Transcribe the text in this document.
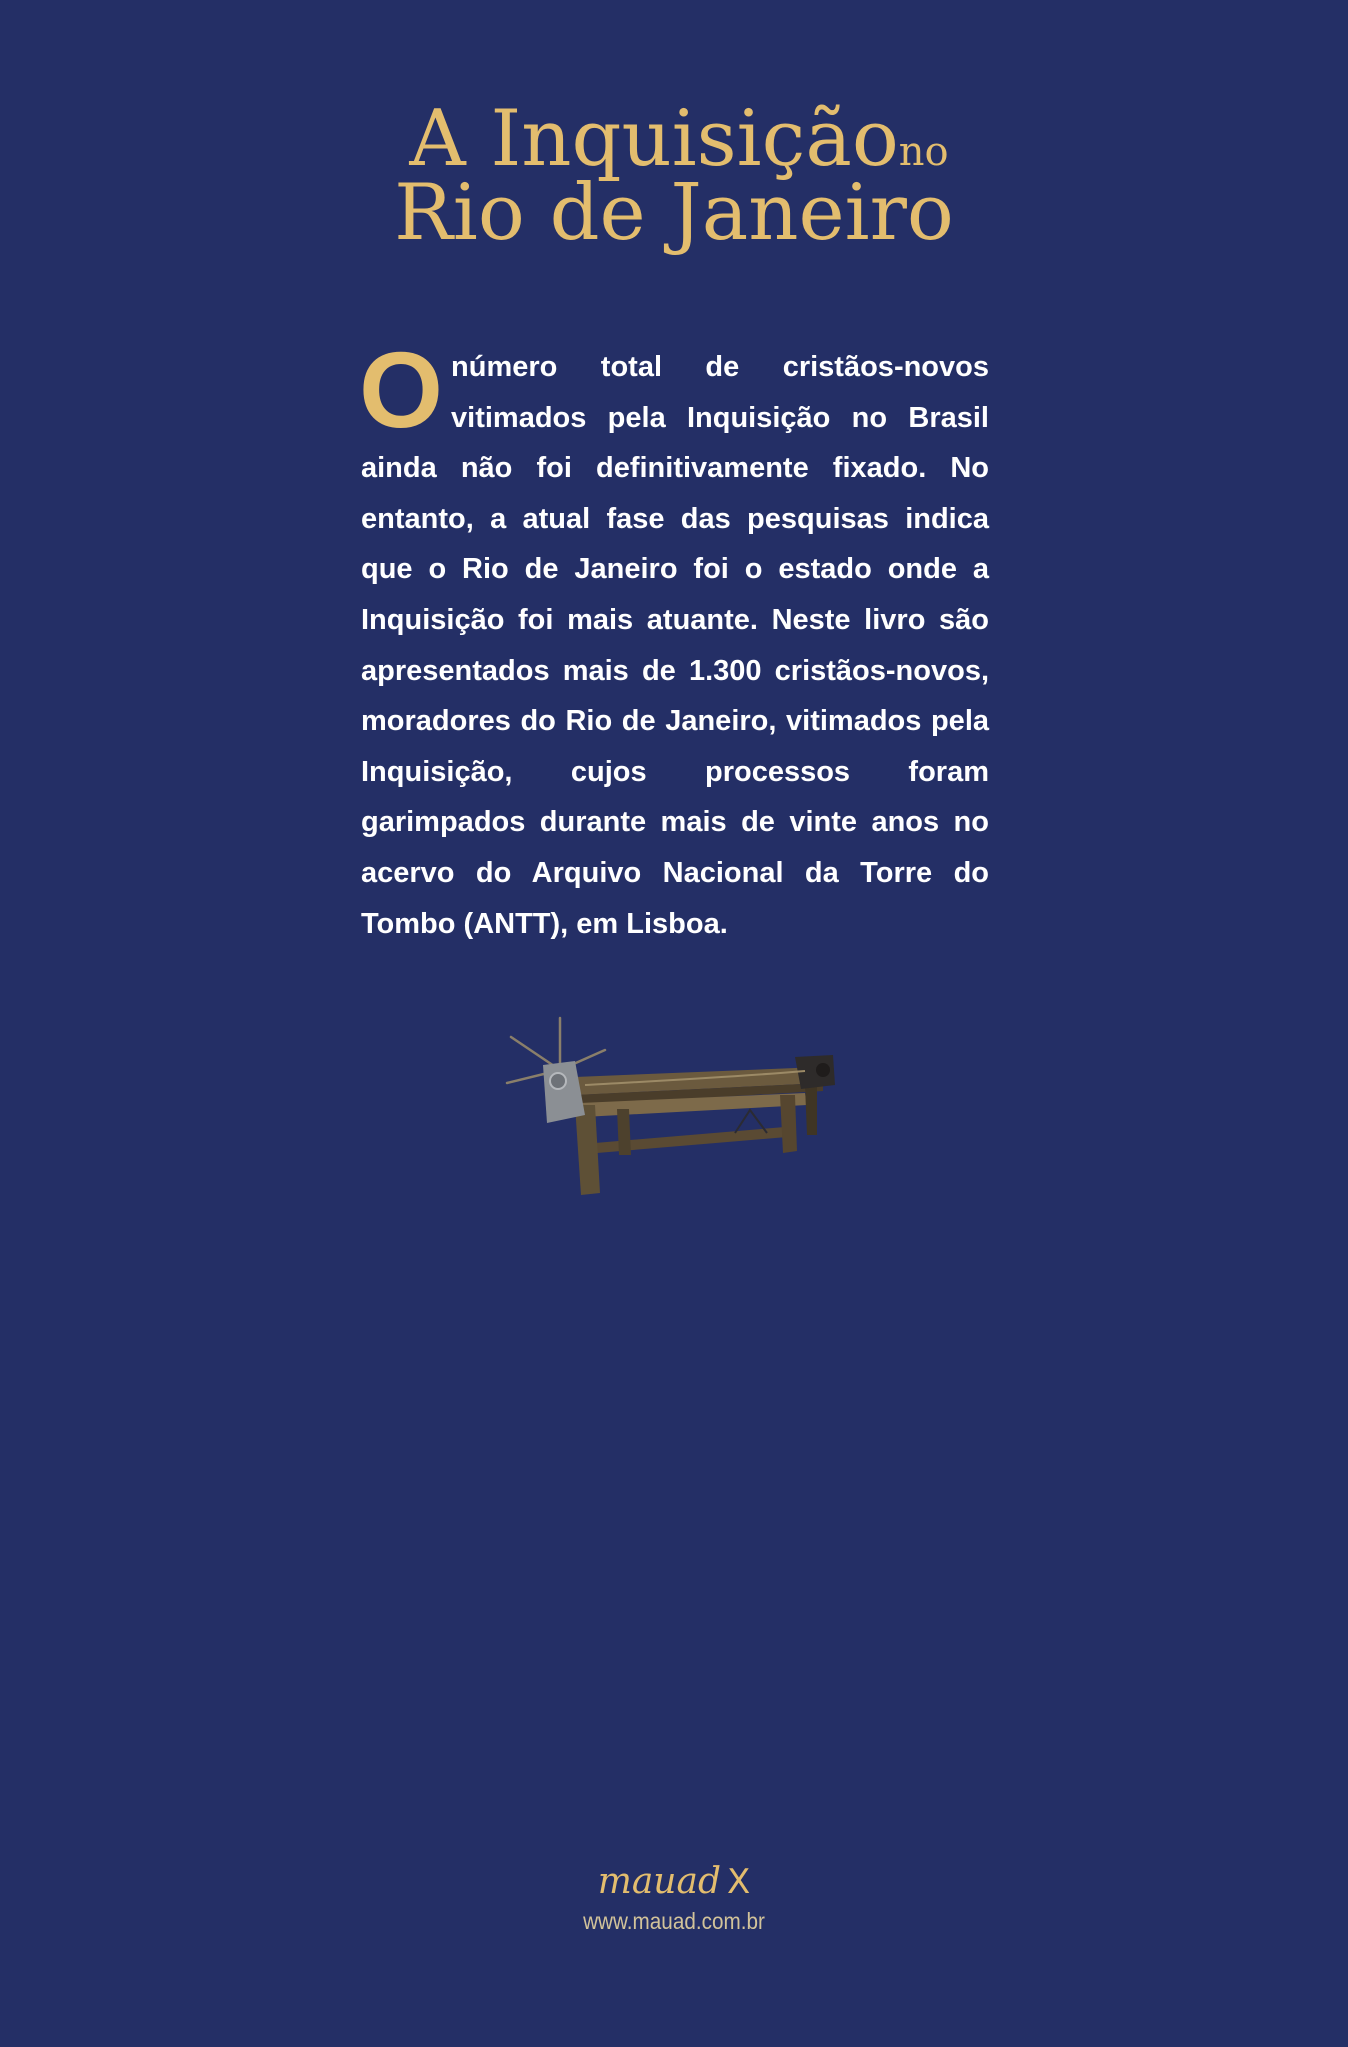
A Inquisiçãono
Rio de Janeiro
Onúmero total de cristãos-novos vitimados pela Inquisição no Brasil ainda não foi definitivamente fixado. No entanto, a atual fase das pesquisas indica que o Rio de Janeiro foi o estado onde a Inquisição foi mais atuante. Neste livro são apresentados mais de 1.300 cristãos-novos, moradores do Rio de Janeiro, vitimados pela Inquisição, cujos processos foram garimpados durante mais de vinte anos no acervo do Arquivo Nacional da Torre do Tombo (ANTT), em Lisboa.
mauad X
www.mauad.com.br
